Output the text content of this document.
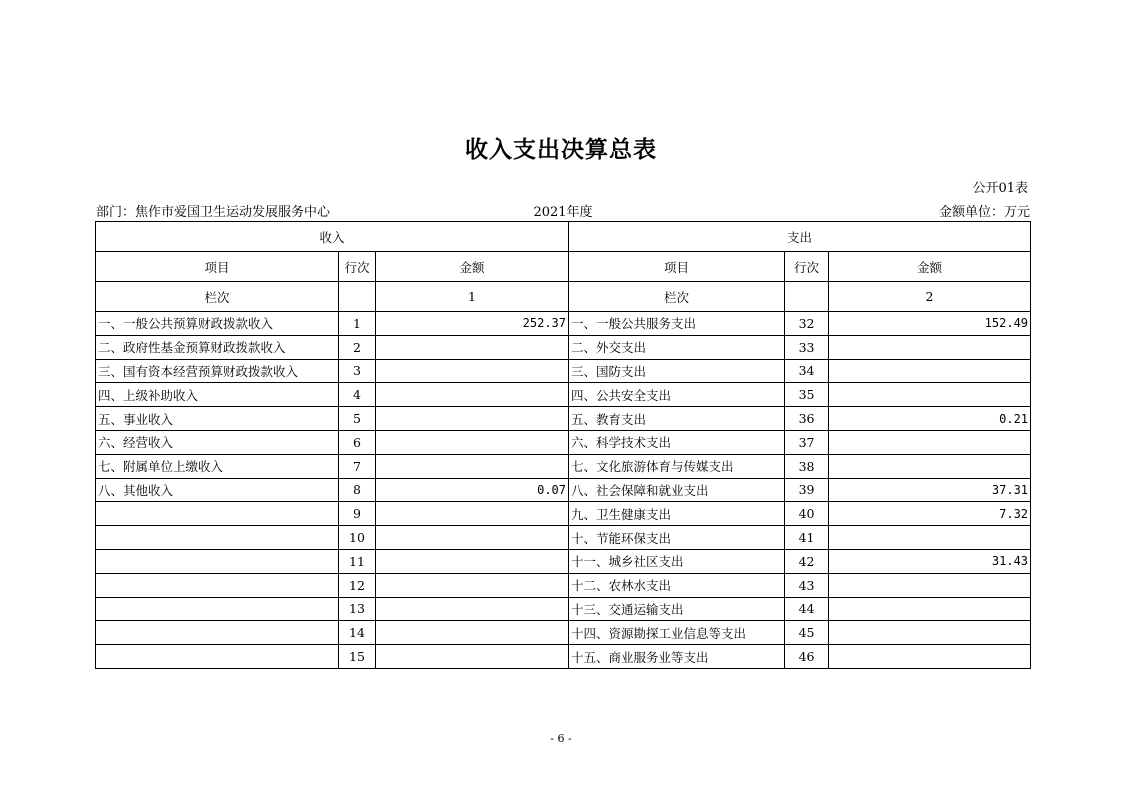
收入支出决算总表
公开01表
部门：焦作市爱国卫生运动发展服务中心	2021年度	金额单位：万元
收入			支出		
项目	行次	金额	项目	行次	金额
栏次		1	栏次		2
一、一般公共预算财政拨款收入	1	252.37	一、一般公共服务支出	32	152.49
二、政府性基金预算财政拨款收入	2		二、外交支出	33	
三、国有资本经营预算财政拨款收入	3		三、国防支出	34	
四、上级补助收入	4		四、公共安全支出	35	
五、事业收入	5		五、教育支出	36	0.21
六、经营收入	6		六、科学技术支出	37	
七、附属单位上缴收入	7		七、文化旅游体育与传媒支出	38	
八、其他收入	8	0.07	八、社会保障和就业支出	39	37.31
	9		九、卫生健康支出	40	7.32
	10		十、节能环保支出	41	
	11		十一、城乡社区支出	42	31.43
	12		十二、农林水支出	43	
	13		十三、交通运输支出	44	
	14		十四、资源勘探工业信息等支出	45	
	15		十五、商业服务业等支出	46	
- 6 -
